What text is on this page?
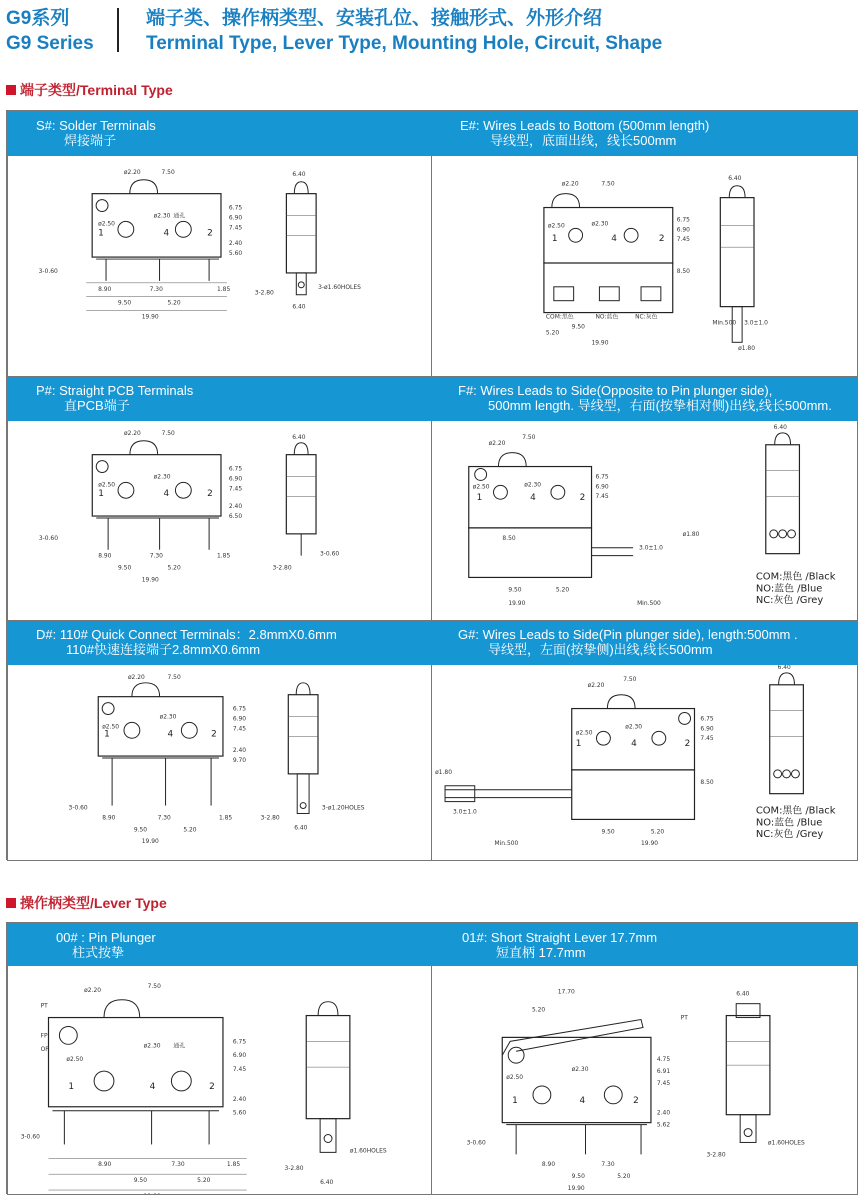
G9系列
G9 Series
端子类、操作柄类型、安装孔位、接触形式、外形介绍
Terminal Type, Lever Type, Mounting Hole, Circuit, Shape
端子类型/Terminal Type
S#: Solder Terminals
焊接端子
1	4	2
ø2.20	7.50
ø2.30 通孔
ø2.50
6.75
6.90
7.45
2.40
5.60
3-0.60
8.90	7.30	1.85
9.50	5.20
19.90
6.40
3-ø1.60HOLES
3-2.80
6.40
E#: Wires Leads to Bottom (500mm length)
导线型，底面出线，线长500mm
1	4	2
ø2.20	7.50
ø2.30
ø2.50
6.75
6.90
7.45
8.50
COM:黑色	NO:蓝色	NC:灰色
9.50
5.20
19.90
6.40
3.0±1.0
ø1.80
Min.500
P#: Straight PCB Terminals
直PCB端子
1	4	2
ø2.20	7.50
ø2.30
ø2.50
6.75
6.90
7.45
2.40
6.50
3-0.60
8.90	7.30	1.85
9.50	5.20
19.90
6.40
3-0.60
3-2.80
F#: Wires Leads to Side(Opposite to Pin plunger side),
500mm length. 导线型，右面(按挚相对侧)出线,线长500mm.
1	4	2
ø2.20
7.50
ø2.30
ø2.50
6.75
6.90
7.45
8.50
3.0±1.0
ø1.80
9.50	5.20
19.90	Min.500
6.40
COM:黑色 /Black
NO:蓝色 /Blue
NC:灰色 /Grey
D#: 110# Quick Connect Terminals：2.8mmX0.6mm
110#快速连接端子2.8mmX0.6mm
1	4	2
ø2.20	7.50
ø2.30
ø2.50
6.75
6.90
7.45
2.40
9.70
3-0.60
8.90	7.30	1.85
9.50	5.20
19.90
3-ø1.20HOLES
3-2.80
6.40
G#: Wires Leads to Side(Pin plunger side), length:500mm .
导线型，左面(按挚侧)出线,线长500mm
1	4	2
ø2.20
7.50
ø2.30
ø2.50
6.75
6.90
7.45
8.50
3.0±1.0
ø1.80
9.50	5.20
19.90
Min.500
6.40
COM:黑色 /Black
NO:蓝色 /Blue
NC:灰色 /Grey
操作柄类型/Lever Type
00# : Pin Plunger
柱式按挚
1	4	2
ø2.20
7.50
ø2.30 通孔
ø2.50
6.75
6.90
7.45
2.40
5.60
3-0.60
8.90	7.30	1.85
9.50	5.20
PT
FP
OP
ø1.60HOLES
3-2.80
6.40
01#: Short Straight Lever 17.7mm
短直柄 17.7mm
1	4	2
17.70
5.20
ø2.30
ø2.50
4.75
6.91
7.45
2.40
5.62
3-0.60
8.90	7.30
9.50	5.20
19.90
PT
6.40
ø1.60HOLES
3-2.80
